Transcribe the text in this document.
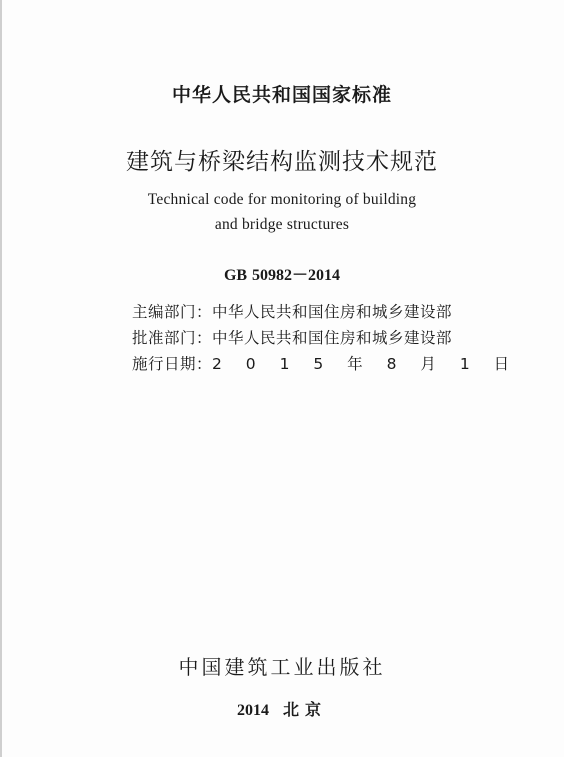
中华人民共和国国家标准
建筑与桥梁结构监测技术规范
Technical code for monitoring of building
and bridge structures
GB 50982－2014
主编部门：中华人民共和国住房和城乡建设部
批准部门：中华人民共和国住房和城乡建设部
施行日期：2 0 1 5 年 8 月 1 日
中国建筑工业出版社
2014 北京
